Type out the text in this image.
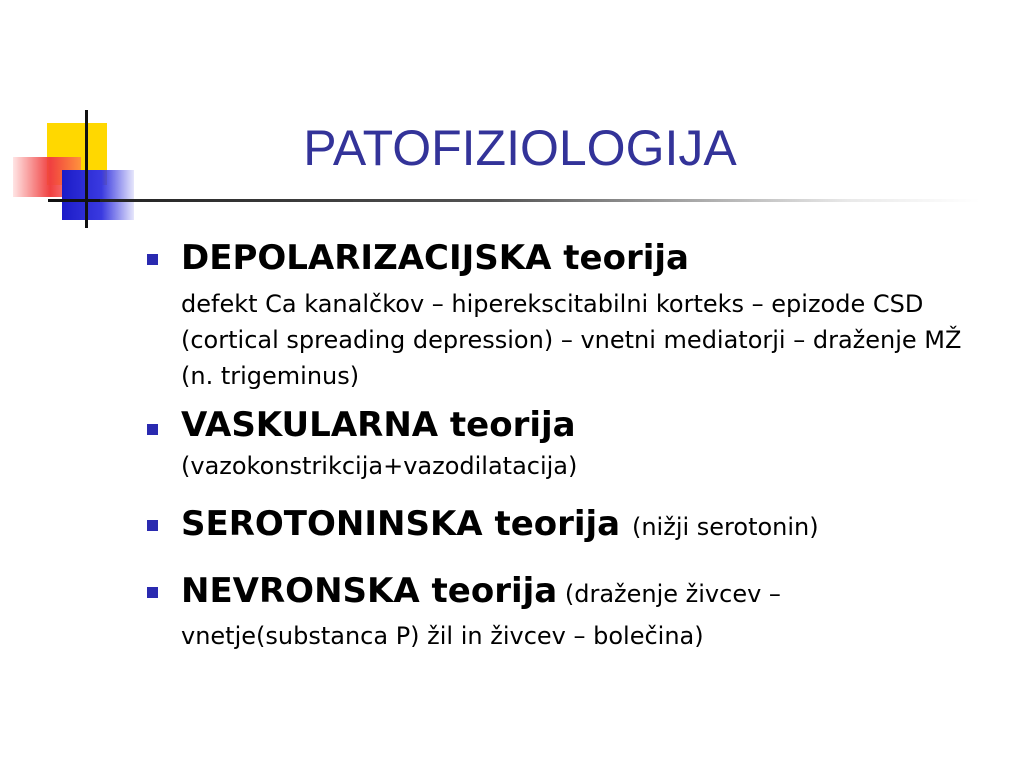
PATOFIZIOLOGIJA
DEPOLARIZACIJSKA teorija
defekt Ca kanalčkov – hiperekscitabilni korteks – epizode CSD (cortical spreading depression) – vnetni mediatorji – draženje MŽ (n. trigeminus)
VASKULARNA teorija
(vazokonstrikcija+vazodilatacija)
SEROTONINSKA teorija (nižji serotonin)
NEVRONSKA teorija (draženje živcev – vnetje(substanca P) žil in živcev – bolečina)
